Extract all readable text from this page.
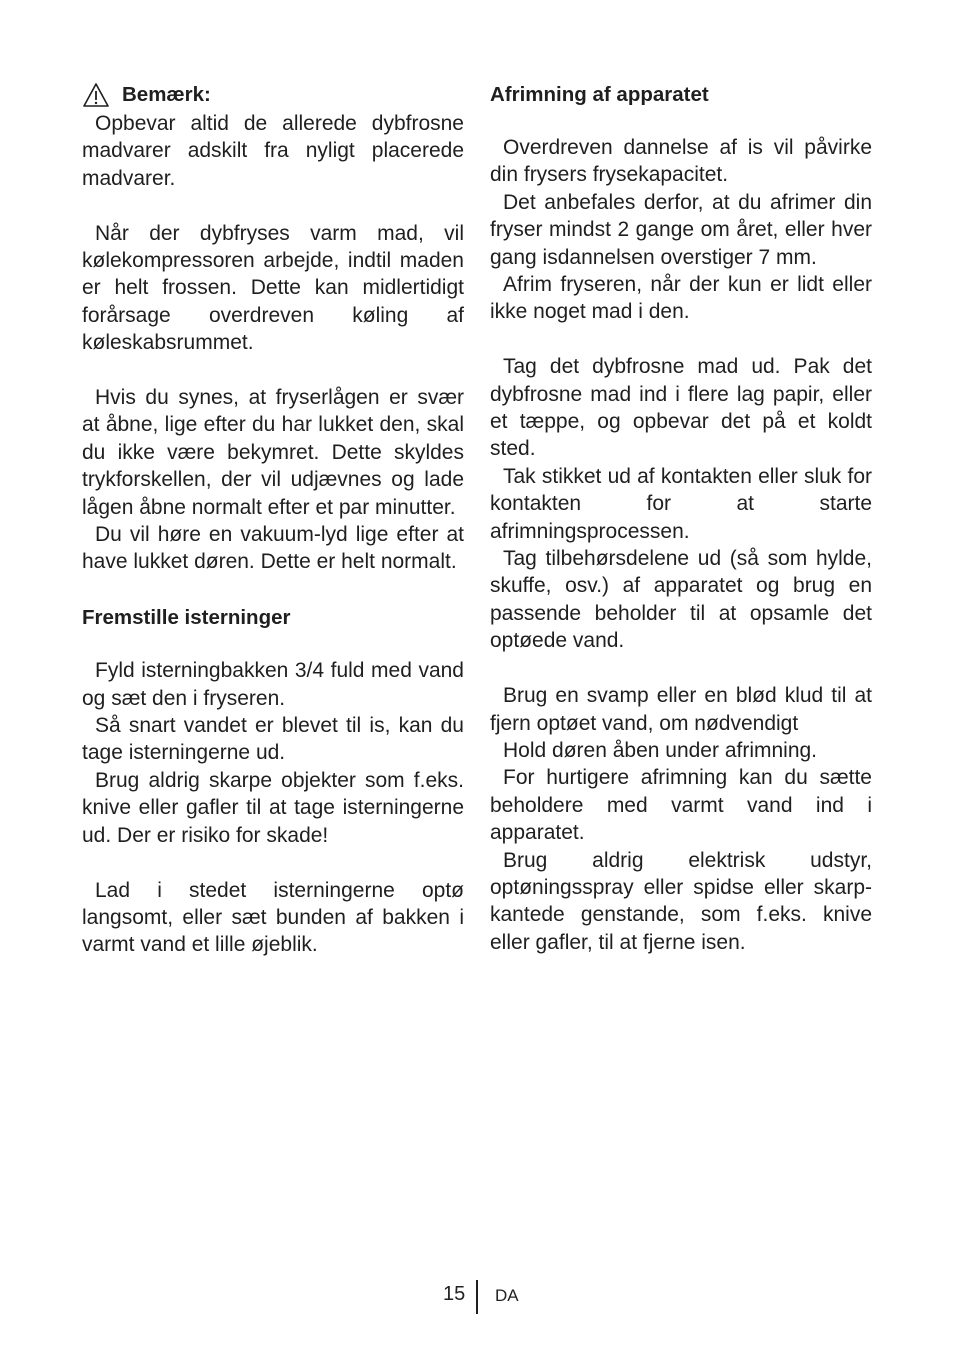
Bemærk:

Opbevar altid de allerede dybfrosne madvarer adskilt fra nyligt placerede madvarer.

Når der dybfryses varm mad, vil kølekompressoren arbejde, indtil maden er helt frossen. Dette kan midlertidigt forårsage overdreven køling af køleskabsrummet.

Hvis du synes, at fryserlågen er svær at åbne, lige efter du har lukket den, skal du ikke være bekymret. Dette skyldes trykforskellen, der vil udjævnes og lade lågen åbne normalt efter et par minutter.

Du vil høre en vakuum-lyd lige efter at have lukket døren. Dette er helt normalt.

Fremstille isterninger

Fyld isterningbakken 3/4 fuld med vand og sæt den i fryseren.

Så snart vandet er blevet til is, kan du tage isterningerne ud.

Brug aldrig skarpe objekter som f.eks. knive eller gafler til at tage isterningerne ud. Der er risiko for skade!

Lad i stedet isterningerne optø langsomt, eller sæt bunden af bakken i varmt vand et lille øjeblik.

Afrimning af apparatet

Overdreven dannelse af is vil påvirke din frysers frysekapacitet.

Det anbefales derfor, at du afrimer din fryser mindst 2 gange om året, eller hver gang isdannelsen overstiger 7 mm.

Afrim fryseren, når der kun er lidt eller ikke noget mad i den.

Tag det dybfrosne mad ud. Pak det dybfrosne mad ind i flere lag papir, eller et tæppe, og opbevar det på et koldt sted.

Tak stikket ud af kontakten eller sluk for kontakten for at starte afrimningsprocessen.

Tag tilbehørsdelene ud (så som hylde, skuffe, osv.) af apparatet og brug en passende beholder til at opsamle det optøede vand.

Brug en svamp eller en blød klud til at fjern optøet vand, om nødvendigt

Hold døren åben under afrimning.

For hurtigere afrimning kan du sætte beholdere med varmt vand ind i apparatet.

Brug aldrig elektrisk udstyr, optøningsspray eller spidse eller skarp-kantede genstande, som f.eks. knive eller gafler, til at fjerne isen.

15 DA
